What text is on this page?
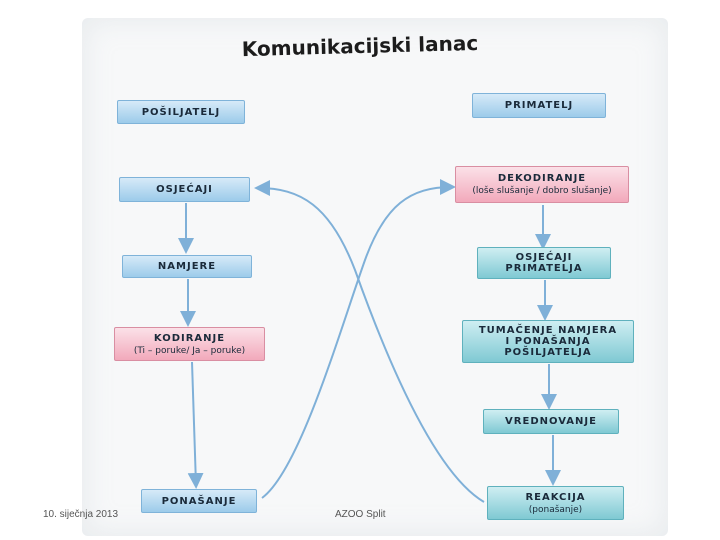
Komunikacijski lanac
POŠILJATELJ
OSJEĆAJI
NAMJERE
KODIRANJE
(Ti – poruke/ Ja – poruke)
PONAŠANJE
PRIMATELJ
DEKODIRANJE
(loše slušanje / dobro slušanje)
OSJEĆAJI
PRIMATELJA
TUMAČENJE NAMJERA
I PONAŠANJA
POŠILJATELJA
VREDNOVANJE
REAKCIJA
(ponašanje)
10. siječnja 2013	AZOO Split
